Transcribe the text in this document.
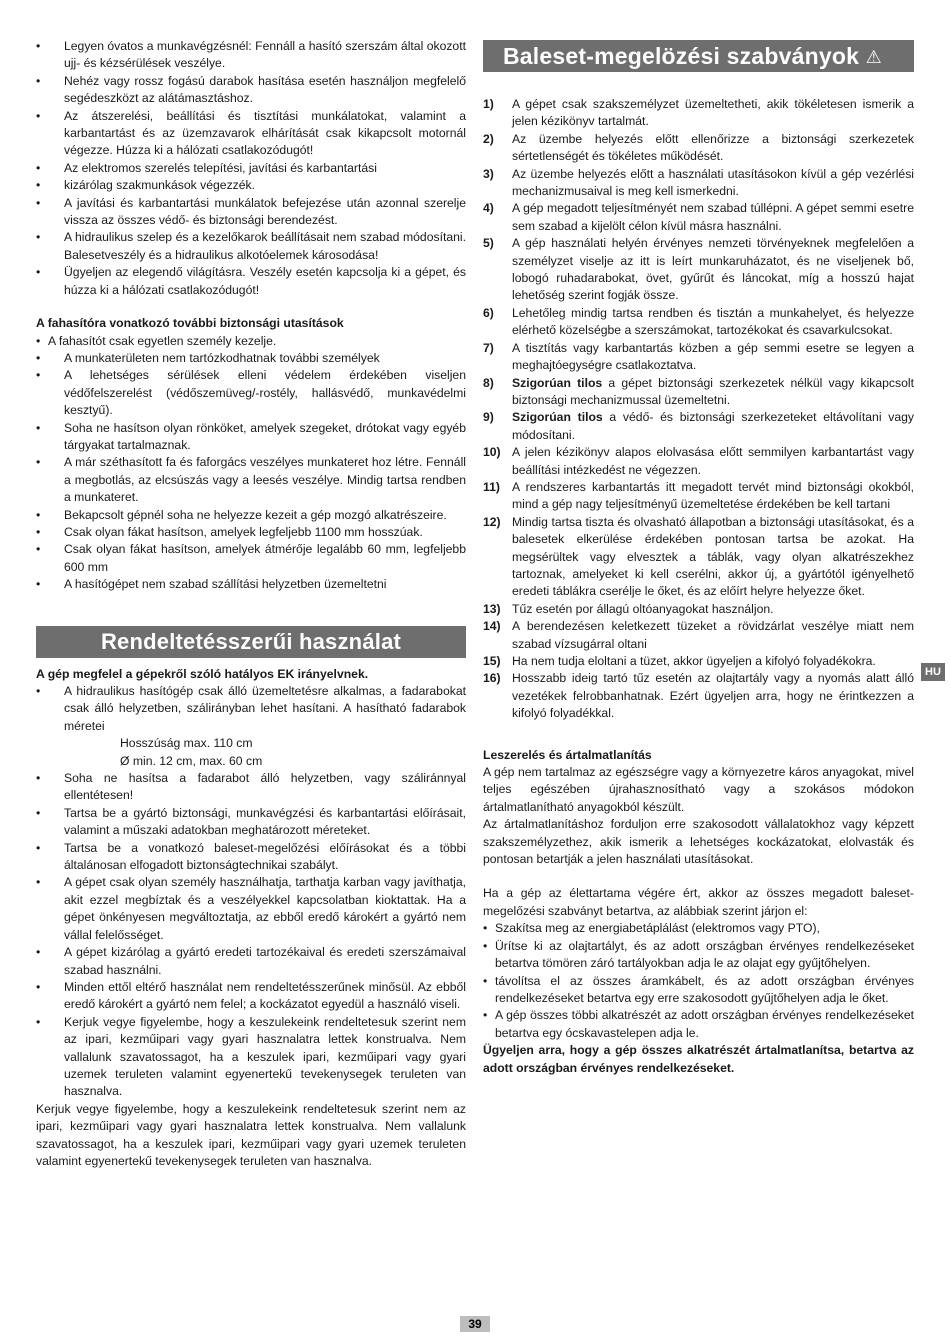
• Legyen óvatos a munkavégzésnél: Fennáll a hasító szerszám által okozott ujj- és kézsérülések veszélye.
• Nehéz vagy rossz fogású darabok hasítása esetén használjon megfelelő segédeszközt az alátámasztáshoz.
• Az átszerelési, beállítási és tisztítási munkálatokat, valamint a karbantartást és az üzemzavarok elhárítását csak kikapcsolt motornál végezze. Húzza ki a hálózati csatlakozódugót!
• Az elektromos szerelés telepítési, javítási és karbantartási
• kizárólag szakmunkások végezzék.
• A javítási és karbantartási munkálatok befejezése után azonnal szerelje vissza az összes védő- és biztonsági berendezést.
• A hidraulikus szelep és a kezelőkarok beállításait nem szabad módosítani. Balesetveszély és a hidraulikus alkotóelemek károsodása!
• Ügyeljen az elegendő világításra. Veszély esetén kapcsolja ki a gépet, és húzza ki a hálózati csatlakozódugót!

A fahasítóra vonatkozó további biztonsági utasítások

• A fahasítót csak egyetlen személy kezelje.
• A munkaterületen nem tartózkodhatnak további személyek
• A lehetséges sérülések elleni védelem érdekében viseljen védőfelszerelést (védőszemüveg/-rostély, hallásvédő, munkavédelmi kesztyű).
• Soha ne hasítson olyan rönköket, amelyek szegeket, drótokat vagy egyéb tárgyakat tartalmaznak.
• A már széthasított fa és faforgács veszélyes munkateret hoz létre. Fennáll a megbotlás, az elcsúszás vagy a leesés veszélye. Mindig tartsa rendben a munkateret.
• Bekapcsolt gépnél soha ne helyezze kezeit a gép mozgó alkatrészeire.
• Csak olyan fákat hasítson, amelyek legfeljebb 1100 mm hosszúak.
• Csak olyan fákat hasítson, amelyek átmérője legalább 60 mm, legfeljebb 600 mm
• A hasítógépet nem szabad szállítási helyzetben üzemeltetni
Rendeltetésszerűi használat

A gép megfelel a gépekről szóló hatályos EK irányelvnek.

• A hidraulikus hasítógép csak álló üzemeltetésre alkalmas, a fadarabokat csak álló helyzetben, szálirányban lehet hasítani. A hasítható fadarabok méretei
Hosszúság max. 110 cm
Ø min. 12 cm, max. 60 cm
• Soha ne hasítsa a fadarabot álló helyzetben, vagy száliránnyal ellentétesen!
• Tartsa be a gyártó biztonsági, munkavégzési és karbantartási előírásait, valamint a műszaki adatokban meghatározott méreteket.
• Tartsa be a vonatkozó baleset-megelőzési előírásokat és a többi általánosan elfogadott biztonságtechnikai szabályt.
• A gépet csak olyan személy használhatja, tarthatja karban vagy javíthatja, akit ezzel megbíztak és a veszélyekkel kapcsolatban kioktattak. Ha a gépet önkényesen megváltoztatja, az ebből eredő károkért a gyártó nem vállal felelősséget.
• A gépet kizárólag a gyártó eredeti tartozékaival és eredeti szerszámaival szabad használni.
• Minden ettől eltérő használat nem rendeltetésszerűnek minősül. Az ebből eredő károkért a gyártó nem felel; a kockázatot egyedül a használó viseli.
• Kerjuk vegye figyelembe, hogy a keszulekeink rendeltetesuk szerint nem az ipari, kezműipari vagy gyari hasznalatra lettek konstrualva. Nem vallalunk szavatossagot, ha a keszulek ipari, kezműipari vagy gyari uzemek teruleten valamint egyenertekű tevekenysegek teruleten van hasznalva.

Kerjuk vegye figyelembe, hogy a keszulekeink rendeltetesuk szerint nem az ipari, kezműipari vagy gyari hasznalatra lettek konstrualva. Nem vallalunk szavatossagot, ha a keszulek ipari, kezműipari vagy gyari uzemek teruleten valamint egyenertekű tevekenysegek teruleten van hasznalva.

Baleset-megelözési szabványok ⚠
1) A gépet csak szakszemélyzet üzemeltetheti, akik tökéletesen ismerik a jelen kézikönyv tartalmát.
2) Az üzembe helyezés előtt ellenőrizze a biztonsági szerkezetek sértetlenségét és tökéletes működését.
3) Az üzembe helyezés előtt a használati utasításokon kívül a gép vezérlési mechanizmusaival is meg kell ismerkedni.
4) A gép megadott teljesítményét nem szabad túllépni. A gépet semmi esetre sem szabad a kijelölt célon kívül másra használni.
5) A gép használati helyén érvényes nemzeti törvényeknek megfelelően a személyzet viselje az itt is leírt munkaruházatot, és ne viseljenek bő, lobogó ruhadarabokat, övet, gyűrűt és láncokat, míg a hosszú hajat lehetőség szerint fogják össze.
6) Lehetőleg mindig tartsa rendben és tisztán a munkahelyet, és helyezze elérhető közelségbe a szerszámokat, tartozékokat és csavarkulcsokat.
7) A tisztítás vagy karbantartás közben a gép semmi esetre se legyen a meghajtóegységre csatlakoztatva.
8) Szigorúan tilos a gépet biztonsági szerkezetek nélkül vagy kikapcsolt biztonsági mechanizmussal üzemeltetni.
9) Szigorúan tilos a védő- és biztonsági szerkezeteket eltávolítani vagy módosítani.
10) A jelen kézikönyv alapos elolvasása előtt semmilyen karbantartást vagy beállítási intézkedést ne végezzen.
11) A rendszeres karbantartás itt megadott tervét mind biztonsági okokból, mind a gép nagy teljesítményű üzemeltetése érdekében be kell tartani
12) Mindig tartsa tiszta és olvasható állapotban a biztonsági utasításokat, és a balesetek elkerülése érdekében pontosan tartsa be azokat. Ha megsérültek vagy elvesztek a táblák, vagy olyan alkatrészekhez tartoznak, amelyeket ki kell cserélni, akkor új, a gyártótól igényelhető eredeti táblákra cserélje le őket, és az előírt helyre helyezze őket.
13) Tűz esetén por állagú oltóanyagokat használjon.
14) A berendezésen keletkezett tüzeket a rövidzárlat veszélye miatt nem szabad vízsugárral oltani
15) Ha nem tudja eloltani a tüzet, akkor ügyeljen a kifolyó folyadékokra.
16) Hosszabb ideig tartó tűz esetén az olajtartály vagy a nyomás alatt álló vezetékek felrobbanhatnak. Ezért ügyeljen arra, hogy ne érintkezzen a kifolyó folyadékkal.

Leszerelés és ártalmatlanítás

A gép nem tartalmaz az egészségre vagy a környezetre káros anyagokat, mivel teljes egészében újrahasznosítható vagy a szokásos módokon ártalmatlanítható anyagokból készült.

Az ártalmatlanításhoz forduljon erre szakosodott vállalatokhoz vagy képzett szakszemélyzethez, akik ismerik a lehetséges kockázatokat, elolvasták és pontosan betartják a jelen használati utasításokat.

Ha a gép az élettartama végére ért, akkor az összes megadott baleset-megelőzési szabványt betartva, az alábbiak szerint járjon el:

• Szakítsa meg az energiabetáplálást (elektromos vagy PTO),
• Ürítse ki az olajtartályt, és az adott országban érvényes rendelkezéseket betartva tömören záró tartályokban adja le az olajat egy gyűjtőhelyen.
• távolítsa el az összes áramkábelt, és az adott országban érvényes rendelkezéseket betartva egy erre szakosodott gyűjtőhelyen adja le őket.
• A gép összes többi alkatrészét az adott országban érvényes rendelkezéseket betartva egy ócskavastelepen adja le.

Ügyeljen arra, hogy a gép összes alkatrészét ártalmatlanítsa, betartva az adott országban érvényes rendelkezéseket.

HU
39
